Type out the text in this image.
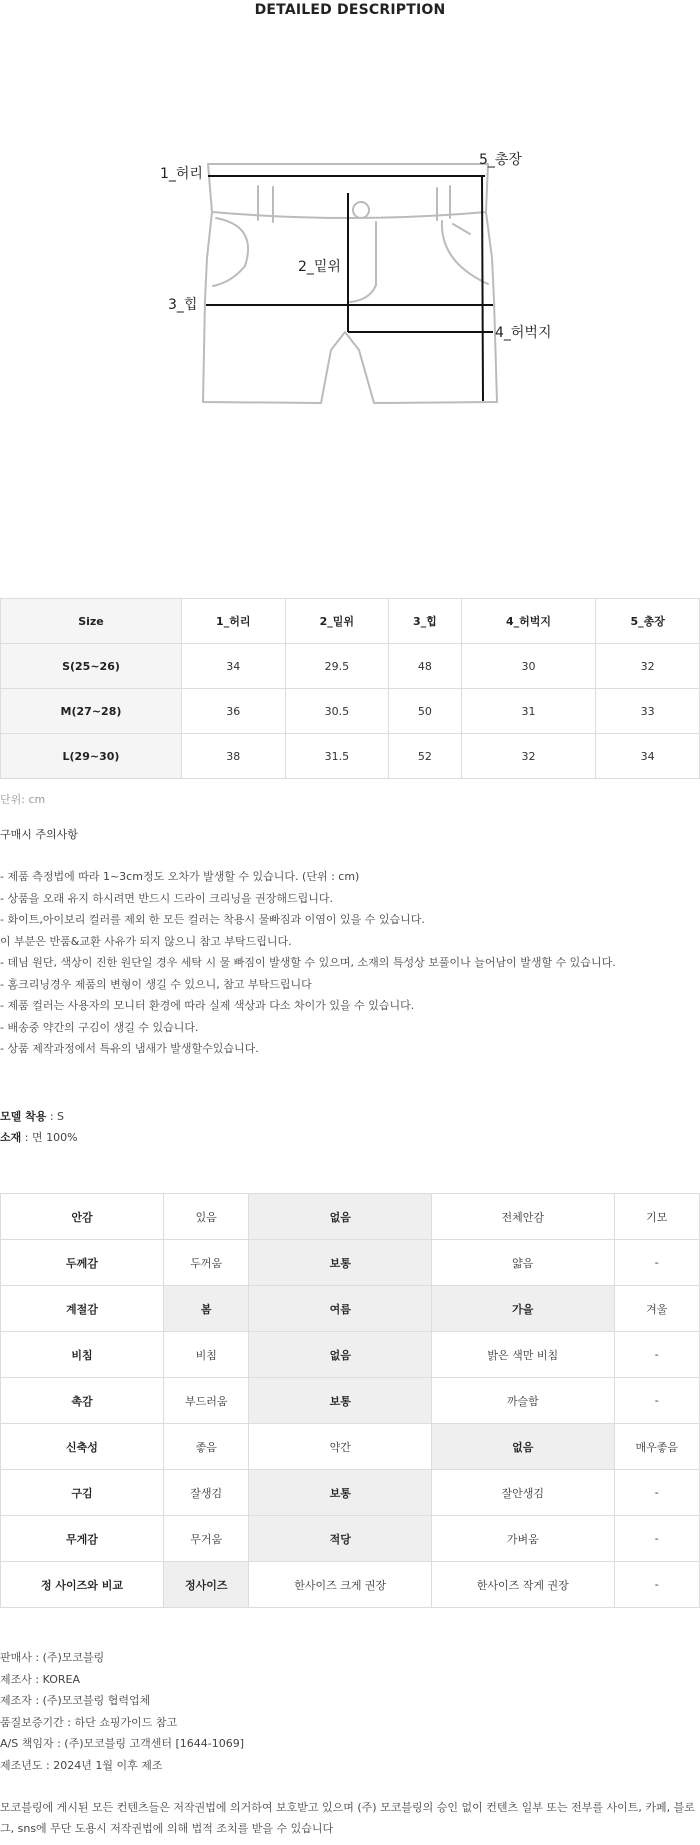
DETAILED DESCRIPTION
1_허리
2_밑위
3_힙
4_허벅지
5_총장
Size	1_허리	2_밑위	3_힙	4_허벅지	5_총장
S(25~26)	34	29.5	48	30	32
M(27~28)	36	30.5	50	31	33
L(29~30)	38	31.5	52	32	34
단위: cm
구매시 주의사항
- 제품 측정법에 따라 1~3cm정도 오차가 발생할 수 있습니다. (단위 : cm)
- 상품을 오래 유지 하시려면 반드시 드라이 크리닝을 권장해드립니다.
- 화이트,아이보리 컬러를 제외 한 모든 컬러는 착용시 물빠짐과 이염이 있을 수 있습니다.
이 부분은 반품&교환 사유가 되지 않으니 참고 부탁드립니다.
- 데님 원단, 색상이 진한 원단일 경우 세탁 시 물 빠짐이 발생할 수 있으며, 소재의 특성상 보풀이나 늘어남이 발생할 수 있습니다.
- 홈크리닝경우 제품의 변형이 생길 수 있으니, 참고 부탁드립니다
- 제품 컬러는 사용자의 모니터 환경에 따라 실제 색상과 다소 차이가 있을 수 있습니다.
- 배송중 약간의 구김이 생길 수 있습니다.
- 상품 제작과정에서 특유의 냄새가 발생할수있습니다.
모델 착용 : S
소재 : 면 100%
안감	있음	없음	전체안감	기모
두께감	두꺼움	보통	얇음	-
계절감	봄	여름	가을	겨울
비침	비침	없음	밝은 색만 비침	-
촉감	부드러움	보통	까슬함	-
신축성	좋음	약간	없음	매우좋음
구김	잘생김	보통	잘안생김	-
무게감	무거움	적당	가벼움	-
정 사이즈와 비교	정사이즈	한사이즈 크게 권장	한사이즈 작게 권장	-
판매사 : (주)모코블링
제조사 : KOREA
제조자 : (주)모코블링 협력업체
품질보증기간 : 하단 쇼핑가이드 참고
A/S 책임자 : (주)모코블링 고객센터 [1644-1069]
제조년도 : 2024년 1월 이후 제조
모코블링에 게시된 모든 컨텐츠들은 저작권법에 의거하여 보호받고 있으며 (주) 모코블링의 승인 없이 컨텐츠 일부 또는 전부를 사이트, 카페, 블로그, sns에 무단 도용시 저작권법에 의해 법적 조치를 받을 수 있습니다
